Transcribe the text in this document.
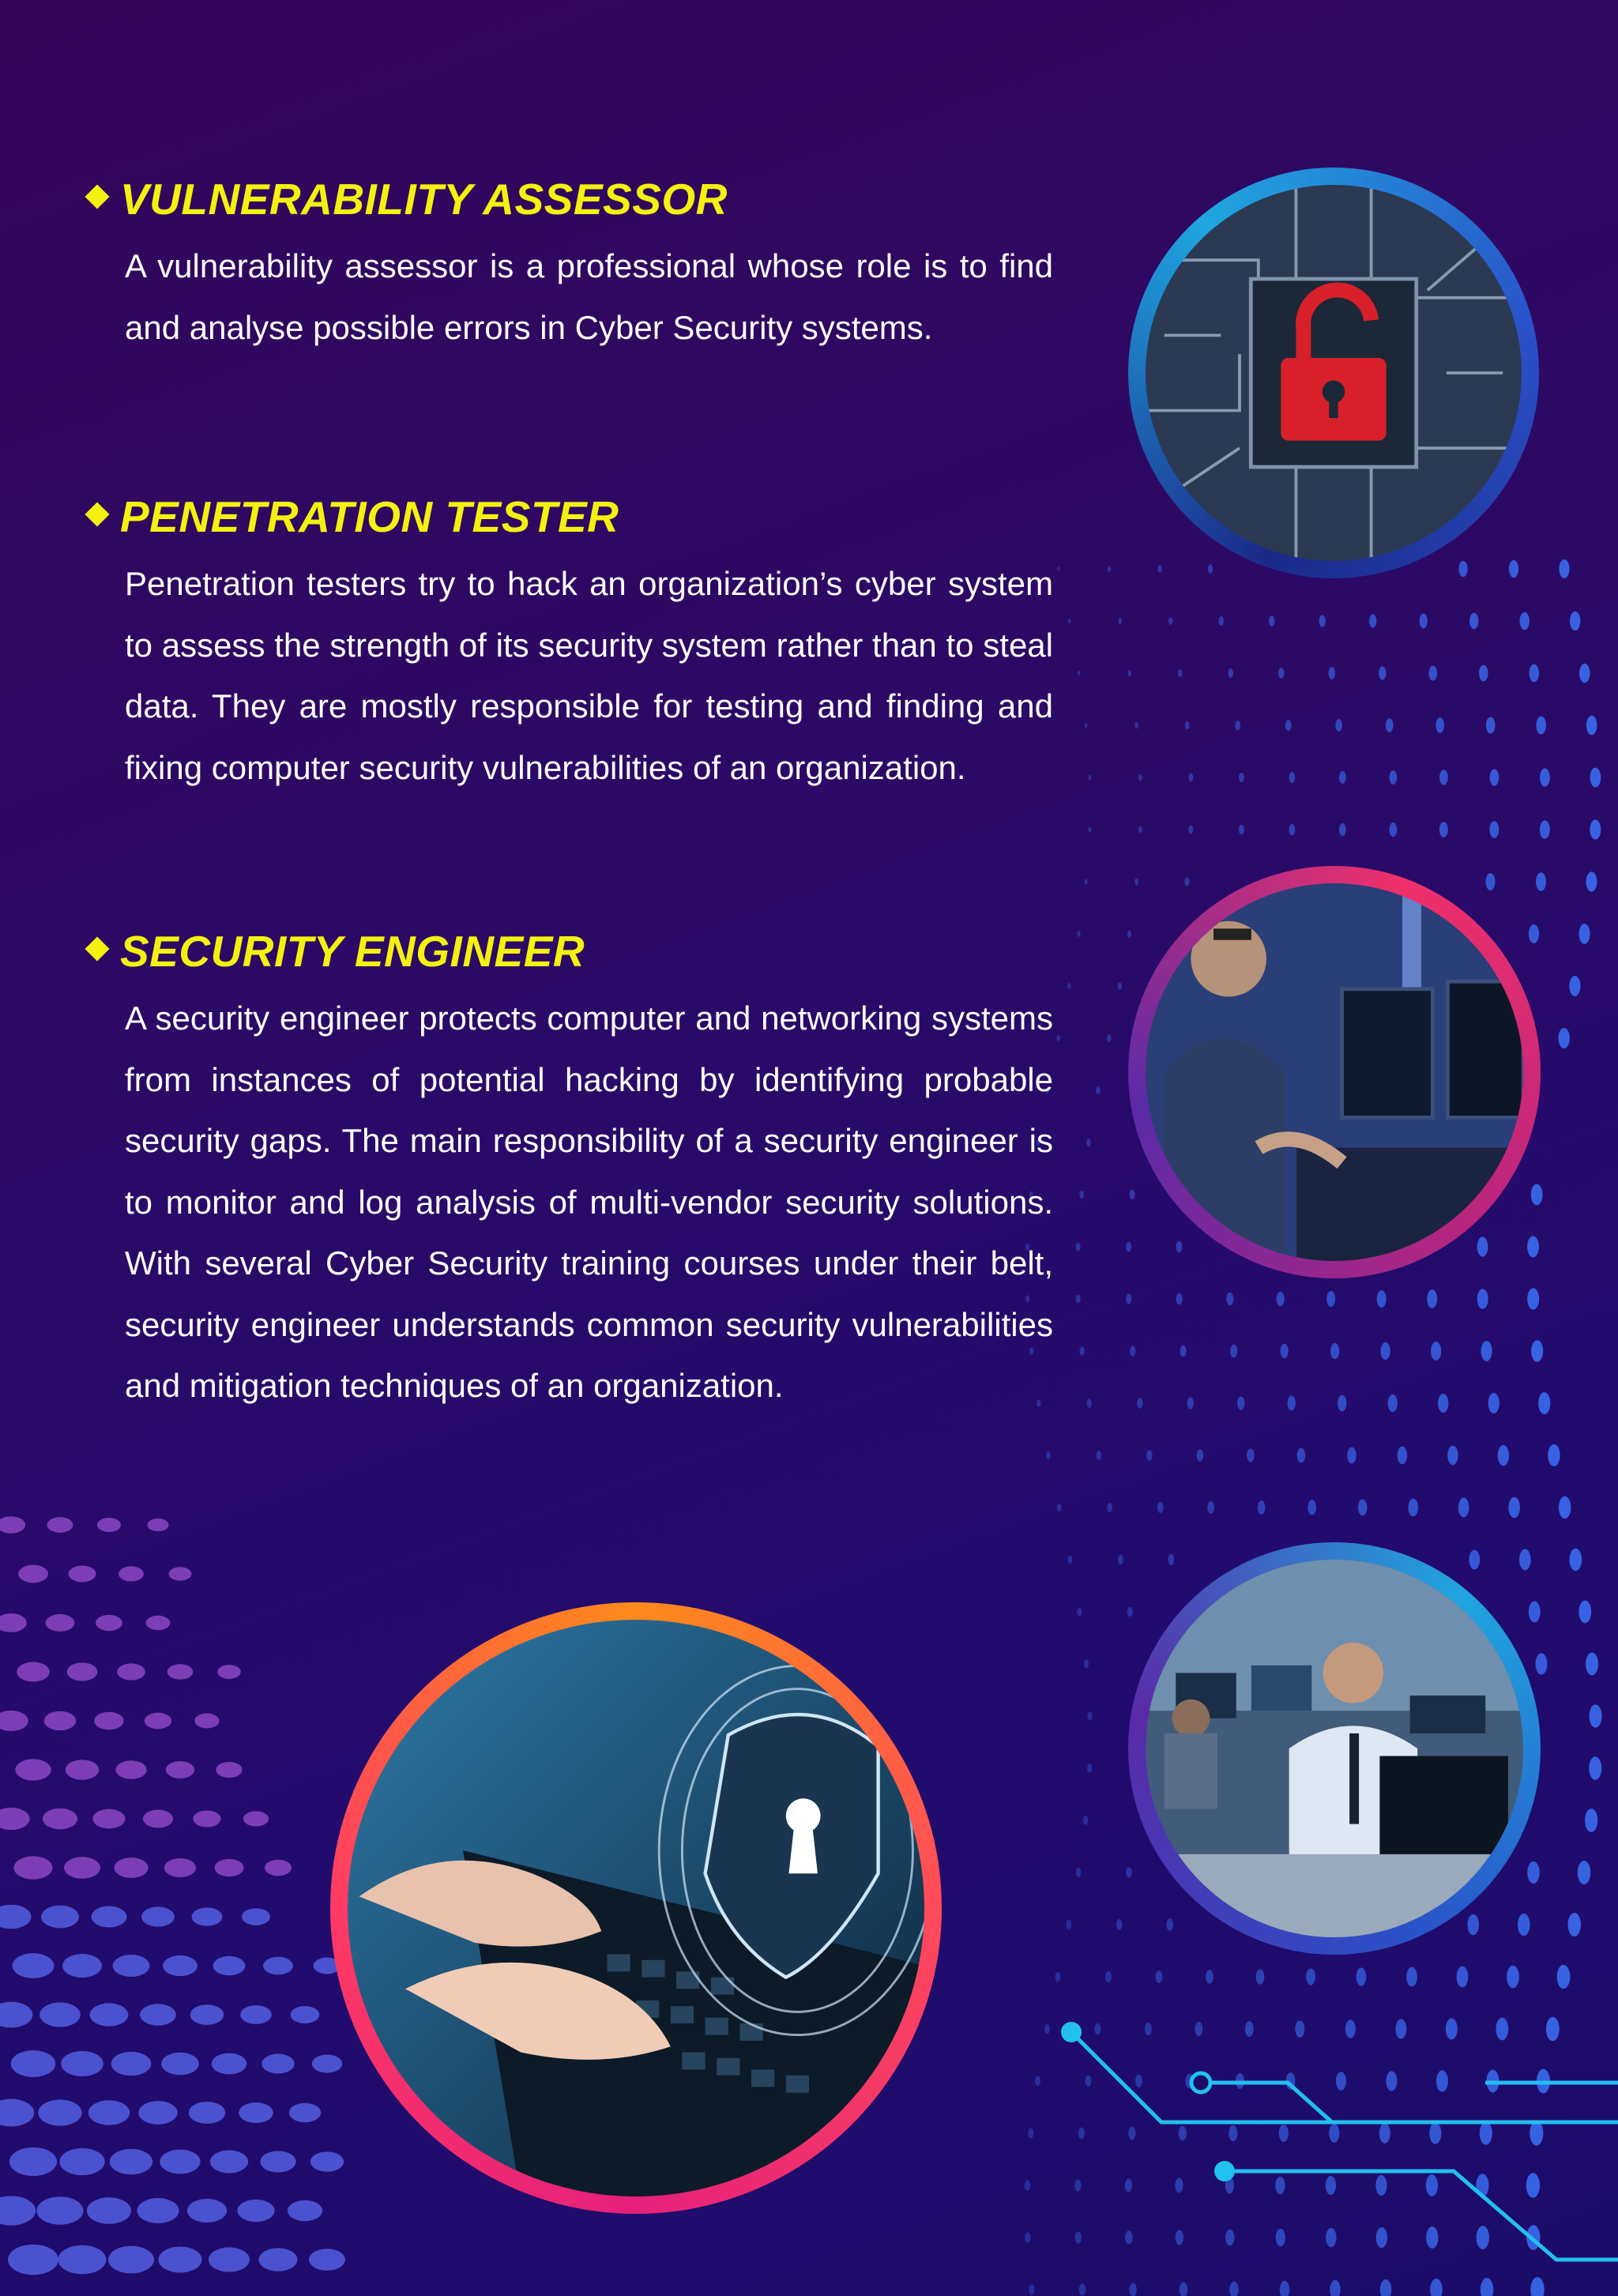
VULNERABILITY ASSESSOR

A vulnerability assessor is a professional whose role is to find and analyse possible errors in Cyber Security systems.

PENETRATION TESTER

Penetration testers try to hack an organization’s cyber system to assess the strength of its security system rather than to steal data. They are mostly responsible for testing and finding and fixing computer security vulnerabilities of an organization.

SECURITY ENGINEER

A security engineer protects computer and networking systems from instances of potential hacking by identifying probable security gaps. The main responsibility of a security engineer is to monitor and log analysis of multi-vendor security solutions. With several Cyber Security training courses under their belt, security engineer understands common security vulnerabilities and mitigation techniques of an organization.
